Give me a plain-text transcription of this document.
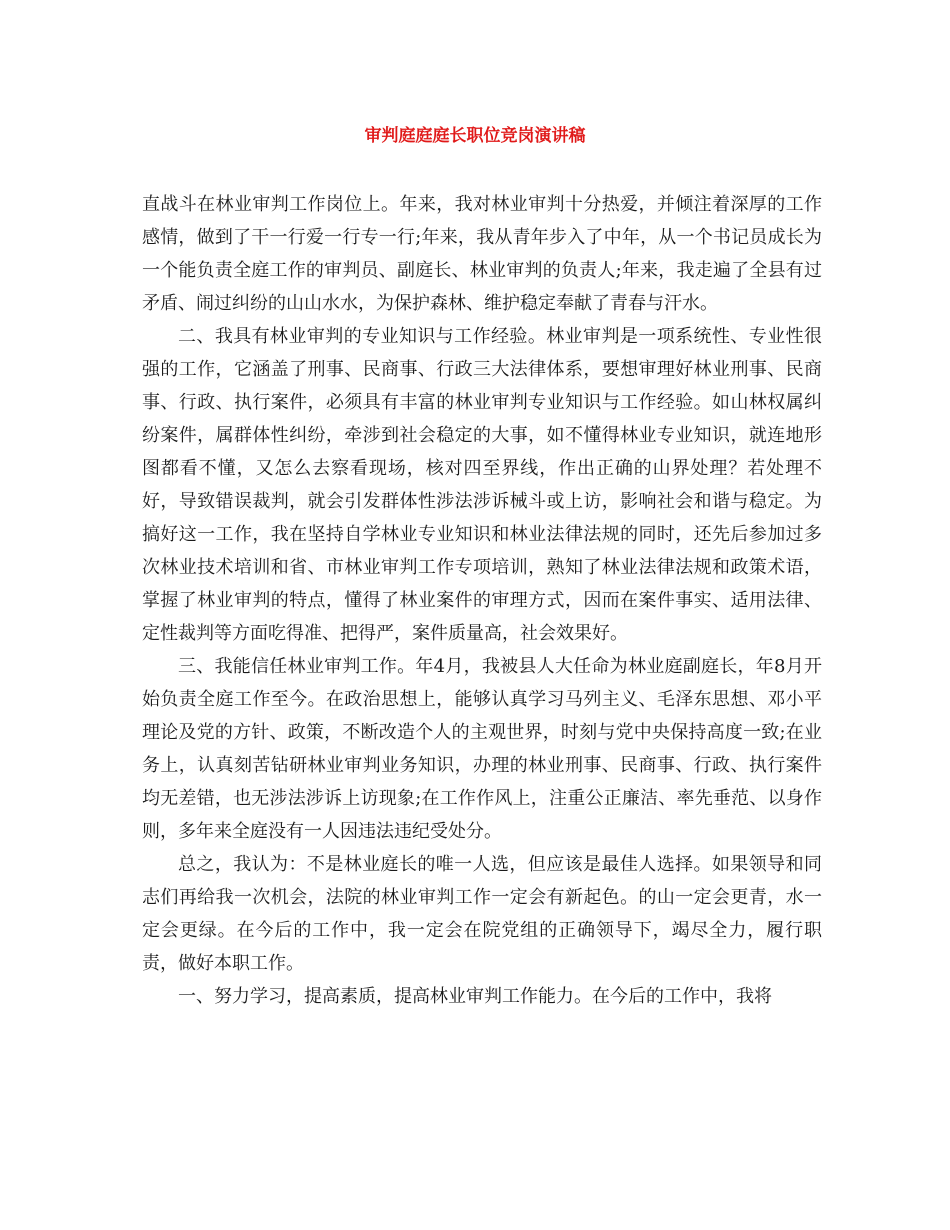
审判庭庭庭长职位竞岗演讲稿

直战斗在林业审判工作岗位上。年来，我对林业审判十分热爱，并倾注着深厚的工作感情，做到了干一行爱一行专一行;年来，我从青年步入了中年，从一个书记员成长为一个能负责全庭工作的审判员、副庭长、林业审判的负责人;年来，我走遍了全县有过矛盾、闹过纠纷的山山水水，为保护森林、维护稳定奉献了青春与汗水。

二、我具有林业审判的专业知识与工作经验。林业审判是一项系统性、专业性很强的工作，它涵盖了刑事、民商事、行政三大法律体系，要想审理好林业刑事、民商事、行政、执行案件，必须具有丰富的林业审判专业知识与工作经验。如山林权属纠纷案件，属群体性纠纷，牵涉到社会稳定的大事，如不懂得林业专业知识，就连地形图都看不懂，又怎么去察看现场，核对四至界线，作出正确的山界处理？若处理不好，导致错误裁判，就会引发群体性涉法涉诉械斗或上访，影响社会和谐与稳定。为搞好这一工作，我在坚持自学林业专业知识和林业法律法规的同时，还先后参加过多次林业技术培训和省、市林业审判工作专项培训，熟知了林业法律法规和政策术语，掌握了林业审判的特点，懂得了林业案件的审理方式，因而在案件事实、适用法律、定性裁判等方面吃得准、把得严，案件质量高，社会效果好。

三、我能信任林业审判工作。年4月，我被县人大任命为林业庭副庭长，年8月开始负责全庭工作至今。在政治思想上，能够认真学习马列主义、毛泽东思想、邓小平理论及党的方针、政策，不断改造个人的主观世界，时刻与党中央保持高度一致;在业务上，认真刻苦钻研林业审判业务知识，办理的林业刑事、民商事、行政、执行案件均无差错，也无涉法涉诉上访现象;在工作作风上，注重公正廉洁、率先垂范、以身作则，多年来全庭没有一人因违法违纪受处分。

总之，我认为：不是林业庭长的唯一人选，但应该是最佳人选择。如果领导和同志们再给我一次机会，法院的林业审判工作一定会有新起色。的山一定会更青，水一定会更绿。在今后的工作中，我一定会在院党组的正确领导下，竭尽全力，履行职责，做好本职工作。

一、努力学习，提高素质，提高林业审判工作能力。在今后的工作中，我将
